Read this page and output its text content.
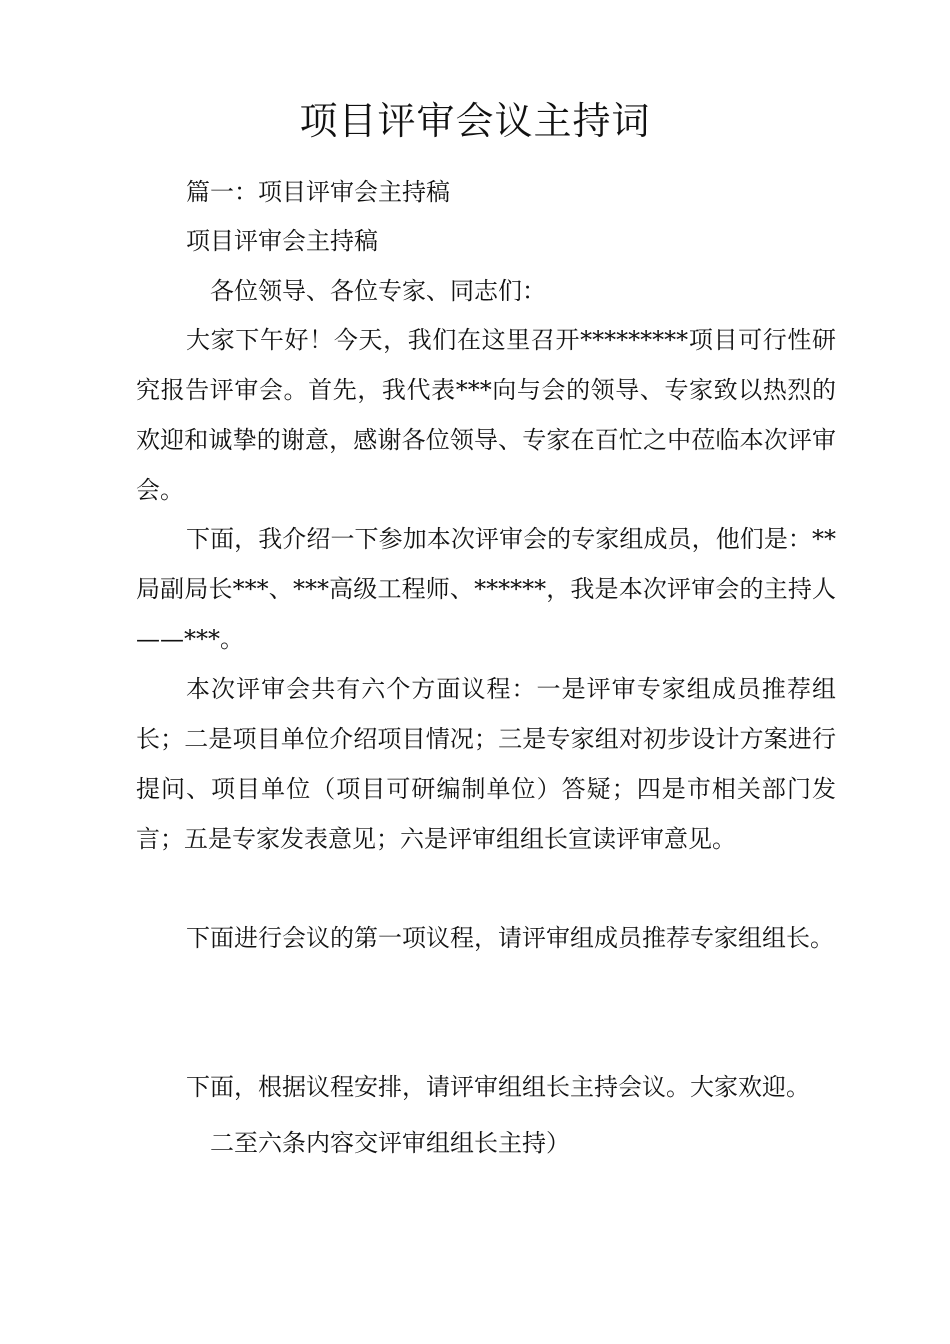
项目评审会议主持词

篇一：项目评审会主持稿

项目评审会主持稿

各位领导、各位专家、同志们：

大家下午好！今天，我们在这里召开*********项目可行性研究报告评审会。首先，我代表***向与会的领导、专家致以热烈的欢迎和诚挚的谢意，感谢各位领导、专家在百忙之中莅临本次评审会。

下面，我介绍一下参加本次评审会的专家组成员，他们是：**局副局长***、***高级工程师、******，我是本次评审会的主持人——***。

本次评审会共有六个方面议程：一是评审专家组成员推荐组长；二是项目单位介绍项目情况；三是专家组对初步设计方案进行提问、项目单位（项目可研编制单位）答疑；四是市相关部门发言；五是专家发表意见；六是评审组组长宣读评审意见。

下面进行会议的第一项议程，请评审组成员推荐专家组组长。

下面，根据议程安排，请评审组组长主持会议。大家欢迎。

二至六条内容交评审组组长主持）
